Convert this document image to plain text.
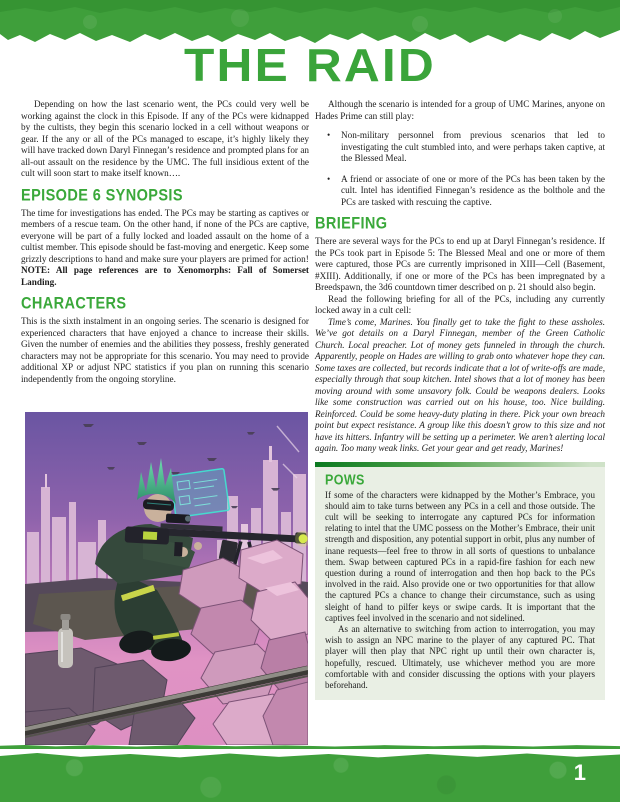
THE RAID

Depending on how the last scenario went, the PCs could very well be working against the clock in this Episode. If any of the PCs were kidnapped by the cultists, they begin this scenario locked in a cell without weapons or gear. If the any or all of the PCs managed to escape, it’s highly likely they will have tracked down Daryl Finnegan’s residence and prompted plans for an all-out assault on the residence by the UMC. The full insidious extent of the cult will soon start to make itself known….

EPISODE 6 SYNOPSIS

The time for investigations has ended. The PCs may be starting as captives or members of a rescue team. On the other hand, if none of the PCs are captive, everyone will be part of a fully locked and loaded assault on the home of a cultist member. This episode should be fast-moving and energetic. Keep some grizzly descriptions to hand and make sure your players are primed for action!

NOTE: All page references are to Xenomorphs: Fall of Somerset Landing.

CHARACTERS

This is the sixth instalment in an ongoing series. The scenario is designed for experienced characters that have enjoyed a chance to increase their skills. Given the number of enemies and the abilities they possess, freshly generated characters may not be appropriate for this scenario. You may need to provide additional XP or adjust NPC statistics if you plan on running this scenario independently from the ongoing storyline.

Although the scenario is intended for a group of UMC Marines, anyone on Hades Prime can still play:

• Non-military personnel from previous scenarios that led to investigating the cult stumbled into, and were perhaps taken captive, at the Blessed Meal.
• A friend or associate of one or more of the PCs has been taken by the cult. Intel has identified Finnegan’s residence as the bolthole and the PCs are tasked with rescuing the captive.
BRIEFING

There are several ways for the PCs to end up at Daryl Finnegan’s residence. If the PCs took part in Episode 5: The Blessed Meal and one or more of them were captured, those PCs are currently imprisoned in XIII—Cell (Basement, #XIII). Additionally, if one or more of the PCs has been impregnated by a Breedspawn, the 3d6 countdown timer described on p. 21 should also begin.

Read the following briefing for all of the PCs, including any currently locked away in a cult cell:

Time’s come, Marines. You finally get to take the fight to these assholes. We’ve got details on a Daryl Finnegan, member of the Green Catholic Church. Local preacher. Lot of money gets funneled in through the church. Apparently, people on Hades are willing to grab onto whatever hope they can. Some taxes are collected, but records indicate that a lot of write-offs are made, especially through that soup kitchen. Intel shows that a lot of money has been moving around with some unsavory folk. Could be weapons dealers. Looks like some construction was carried out on his house, too. Nice building. Reinforced. Could be some heavy-duty plating in there. Pick your own breach point but expect resistance. A group like this doesn’t grow to this size and not have its hitters. Infantry will be setting up a perimeter. We aren’t alerting local again. Too many weak links. Get your gear and get ready, Marines!

POWS

If some of the characters were kidnapped by the Mother’s Embrace, you should aim to take turns between any PCs in a cell and those outside. The cult will be seeking to interrogate any captured PCs for information relating to intel that the UMC possess on the Mother’s Embrace, their unit strength and disposition, any potential support in orbit, plus any number of inane requests—feel free to throw in all sorts of questions to unbalance them. Swap between captured PCs in a rapid-fire fashion for each new question during a round of interrogation and then hop back to the PCs involved in the raid. Also provide one or two opportunities for that allow the captured PCs a chance to change their circumstance, such as using sleight of hand to pilfer keys or swipe cards. It is important that the captives feel involved in the scenario and not sidelined.

As an alternative to switching from action to interrogation, you may wish to assign an NPC marine to the player of any captured PC. That player will then play that NPC right up until their own character is, hopefully, rescued. Ultimately, use whichever method you are more comfortable with and consider discussing the options with your players beforehand.

1
